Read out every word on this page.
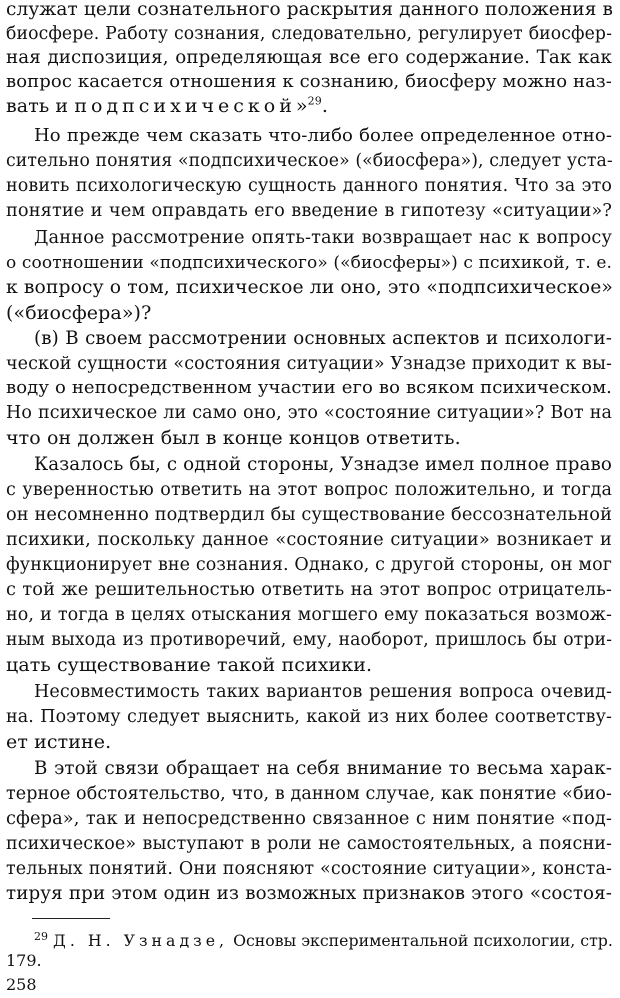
служат цели сознательного раскрытия данного положения в
биосфере. Работу сознания, следовательно, регулирует биосфер-
ная диспозиция, определяющая все его содержание. Так как
вопрос касается отношения к сознанию, биосферу можно наз-
вать и подпсихической»$^{29}$.
Но прежде чем сказать что-либо более определенное отно-
сительно понятия «подпсихическое» («биосфера»), следует уста-
новить психологическую сущность данного понятия. Что за это
понятие и чем оправдать его введение в гипотезу «ситуации»?
Данное рассмотрение опять-таки возвращает нас к вопросу
о соотношении «подпсихического» («биосферы») с психикой, т. е.
к вопросу о том, психическое ли оно, это «подпсихическое»
(«биосфера»)?
(в) В своем рассмотрении основных аспектов и психологи-
ческой сущности «состояния ситуации» Узнадзе приходит к вы-
воду о непосредственном участии его во всяком психическом.
Но психическое ли само оно, это «состояние ситуации»? Вот на
что он должен был в конце концов ответить.
Казалось бы, с одной стороны, Узнадзе имел полное право
с уверенностью ответить на этот вопрос положительно, и тогда
он несомненно подтвердил бы существование бессознательной
психики, поскольку данное «состояние ситуации» возникает и
функционирует вне сознания. Однако, с другой стороны, он мог
с той же решительностью ответить на этот вопрос отрицатель-
но, и тогда в целях отыскания могшего ему показаться возмож-
ным выхода из противоречий, ему, наоборот, пришлось бы отри-
цать существование такой психики.
Несовместимость таких вариантов решения вопроса очевид-
на. Поэтому следует выяснить, какой из них более соответству-
ет истине.
В этой связи обращает на себя внимание то весьма харак-
терное обстоятельство, что, в данном случае, как понятие «био-
сфера», так и непосредственно связанное с ним понятие «под-
психическое» выступают в роли не самостоятельных, а поясни-
тельных понятий. Они поясняют «состояние ситуации», конста-
тируя при этом один из возможных признаков этого «состоя-
$^{29}$ Д. Н. Узнадзе, Основы экспериментальной психологии, стр.
179.
258
